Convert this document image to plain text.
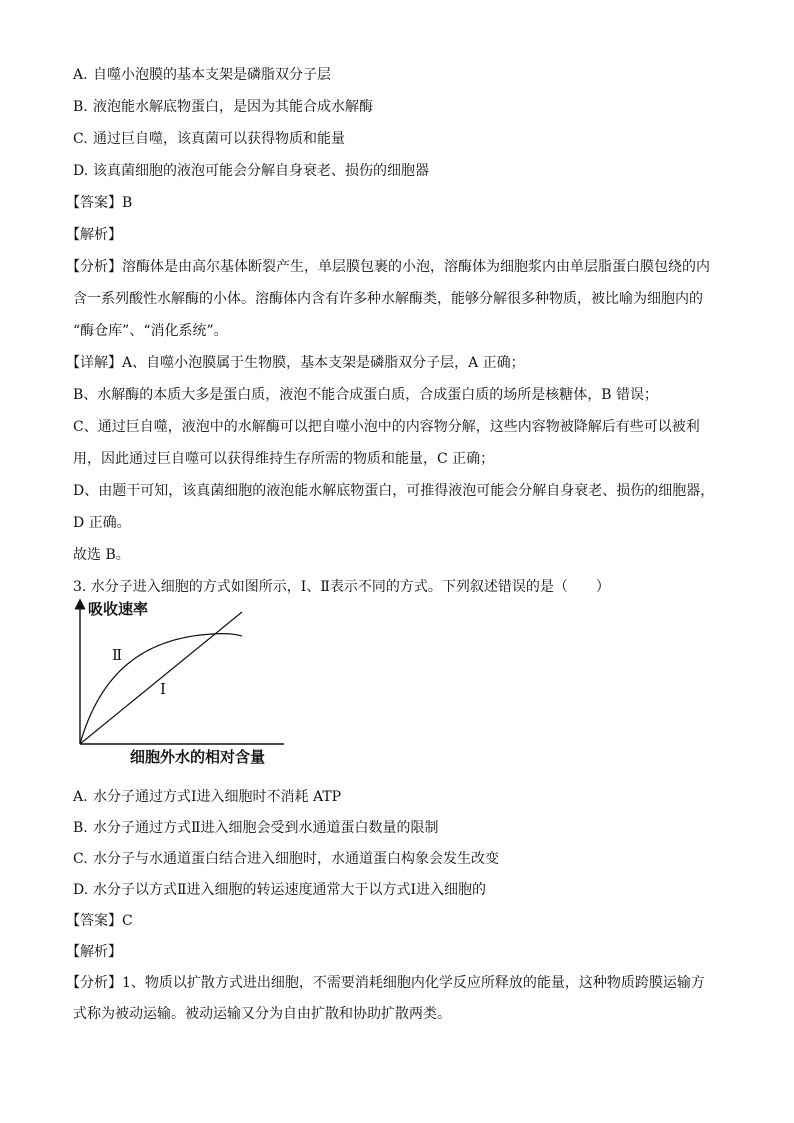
A. 自噬小泡膜的基本支架是磷脂双分子层
B. 液泡能水解底物蛋白，是因为其能合成水解酶
C. 通过巨自噬，该真菌可以获得物质和能量
D. 该真菌细胞的液泡可能会分解自身衰老、损伤的细胞器
【答案】B
【解析】
【分析】溶酶体是由高尔基体断裂产生，单层膜包裹的小泡，溶酶体为细胞浆内由单层脂蛋白膜包绕的内
含一系列酸性水解酶的小体。溶酶体内含有许多种水解酶类，能够分解很多种物质，被比喻为细胞内的
“酶仓库”、“消化系统”。
【详解】A、自噬小泡膜属于生物膜，基本支架是磷脂双分子层，A 正确；
B、水解酶的本质大多是蛋白质，液泡不能合成蛋白质，合成蛋白质的场所是核糖体，B 错误；
C、通过巨自噬，液泡中的水解酶可以把自噬小泡中的内容物分解，这些内容物被降解后有些可以被利
用，因此通过巨自噬可以获得维持生存所需的物质和能量，C 正确；
D、由题干可知，该真菌细胞的液泡能水解底物蛋白，可推得液泡可能会分解自身衰老、损伤的细胞器，
D 正确。
故选 B。
3. 水分子进入细胞的方式如图所示，Ⅰ、Ⅱ表示不同的方式。下列叙述错误的是（　　）
吸收速率
细胞外水的相对含量
Ⅱ
Ⅰ
A. 水分子通过方式Ⅰ进入细胞时不消耗 ATP
B. 水分子通过方式Ⅱ进入细胞会受到水通道蛋白数量的限制
C. 水分子与水通道蛋白结合进入细胞时，水通道蛋白构象会发生改变
D. 水分子以方式Ⅱ进入细胞的转运速度通常大于以方式Ⅰ进入细胞的
【答案】C
【解析】
【分析】1、物质以扩散方式进出细胞，不需要消耗细胞内化学反应所释放的能量，这种物质跨膜运输方
式称为被动运输。被动运输又分为自由扩散和协助扩散两类。
